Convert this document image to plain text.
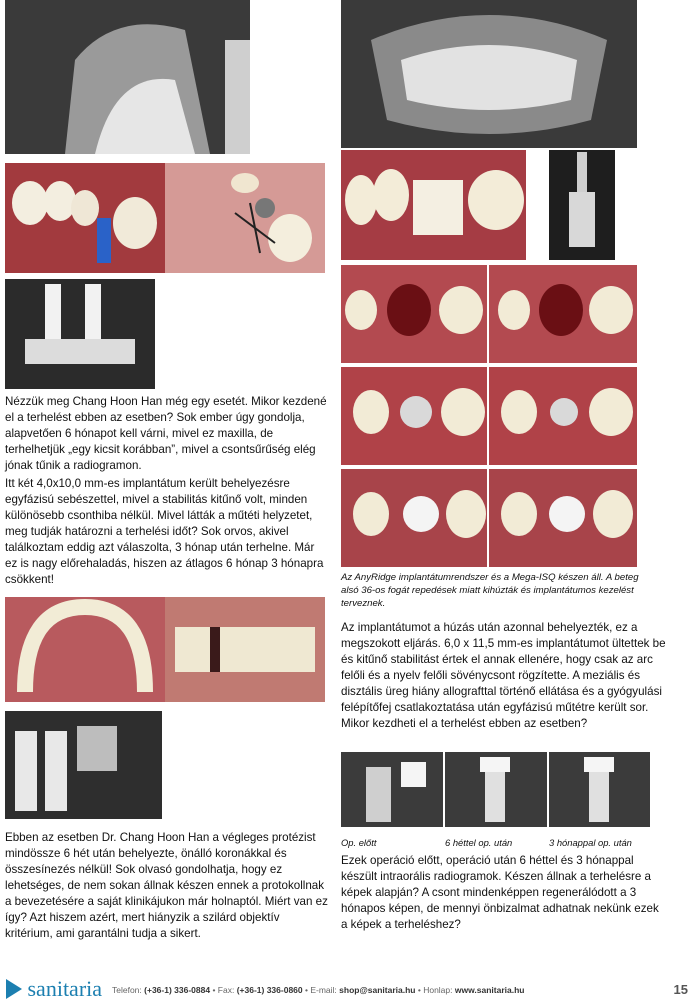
Nézzük meg Chang Hoon Han még egy esetét. Mikor kezdené el a terhelést ebben az esetben? Sok ember úgy gondolja, alapvetően 6 hónapot kell várni, mivel ez maxilla, de terhelhetjük „egy kicsit korábban”, mivel a csontsűrűség elég jónak tűnik a radiogramon.

Itt két 4,0x10,0 mm-es implantátum került behelyezésre egyfázisú sebészettel, mivel a stabilitás kitűnő volt, minden különösebb csonthiba nélkül. Mivel látták a műtéti helyzetet, meg tudják határozni a terhelési időt? Sok orvos, akivel találkoztam eddig azt válaszolta, 3 hónap után terhelne. Már ez is nagy előrehaladás, hiszen az átlagos 6 hónap 3 hónapra csökkent!

Ebben az esetben Dr. Chang Hoon Han a végleges protézist mindössze 6 hét után behelyezte, önálló koronákkal és összesínezés nélkül! Sok olvasó gondolhatja, hogy ez lehetséges, de nem sokan állnak készen ennek a protokollnak a bevezetésére a saját klinikájukon már holnaptól. Miért van ez így? Azt hiszem azért, mert hiányzik a szilárd objektív kritérium, ami garantálni tudja a sikert.

Az AnyRidge implantátumrendszer és a Mega-ISQ készen áll. A beteg alsó 36-os fogát repedések miatt kihúzták és implantátumos kezelést terveznek.

Az implantátumot a húzás után azonnal behelyezték, ez a megszokott eljárás. 6,0 x 11,5 mm-es implantátumot ültettek be és kitűnő stabilitást értek el annak ellenére, hogy csak az arc felőli és a nyelv felőli sövénycsont rögzítette. A meziális és disztális üreg hiány allografttal történő ellátása és a gyógyulási felépítőfej csatlakoztatása után egyfázisú műtétre került sor. Mikor kezdheti el a terhelést ebben az esetben?

Op. előtt	6 héttel op. után	3 hónappal op. után

Ezek operáció előtt, operáció után 6 héttel és 3 hónappal készült intraorális radiogramok. Készen állnak a terhelésre a képek alapján? A csont mindenképpen regenerálódott a 3 hónapos képen, de mennyi önbizalmat adhatnak nekünk ezek a képek a terheléshez?

sanitaria Telefon: (+36-1) 336-0884 • Fax: (+36-1) 336-0860 • E-mail: shop@sanitaria.hu • Honlap: www.sanitaria.hu	15
